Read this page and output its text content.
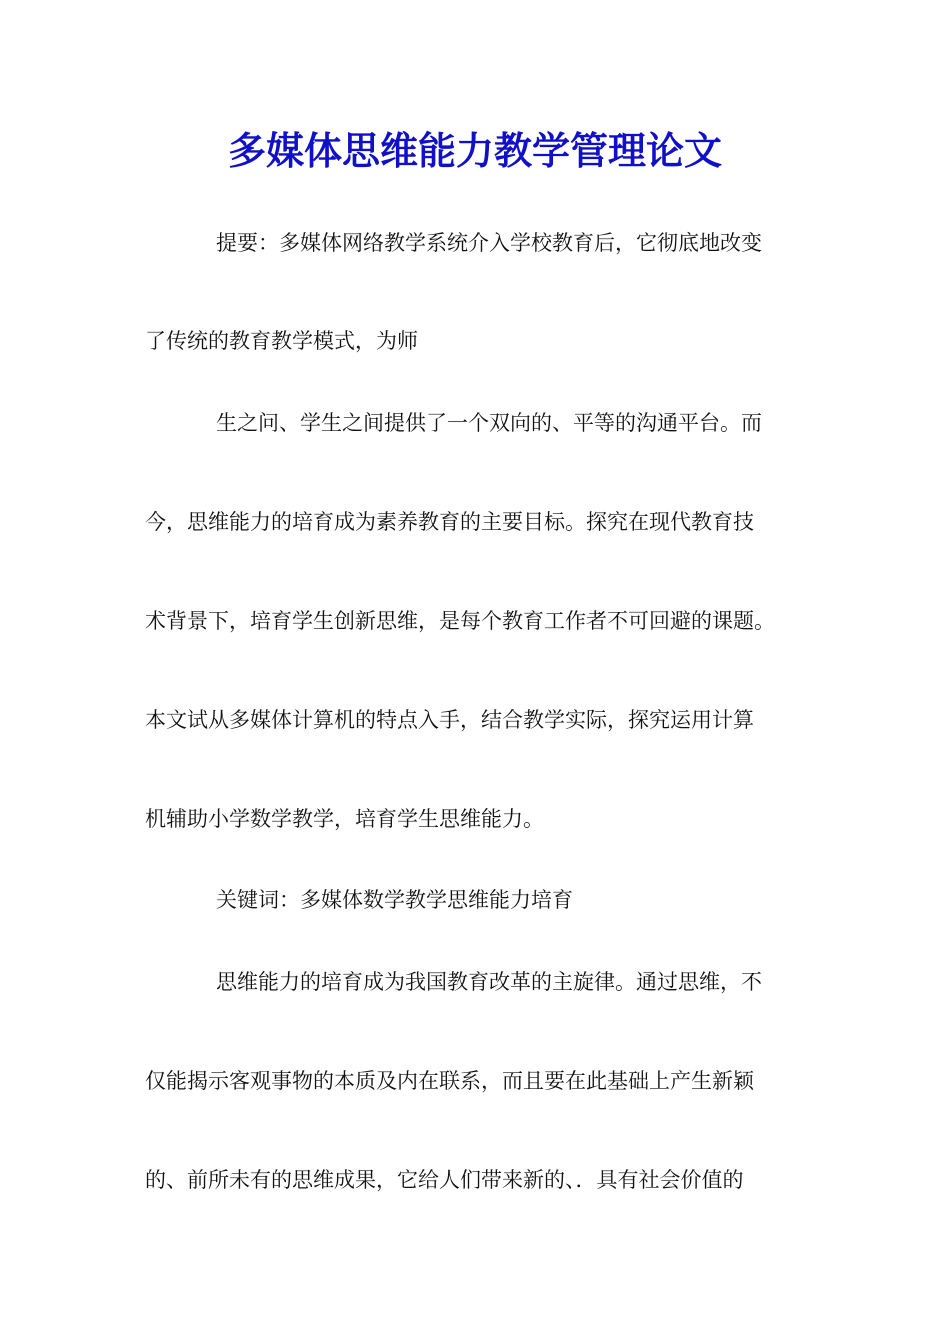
多媒体思维能力教学管理论文

提要：多媒体网络教学系统介入学校教育后，它彻底地改变

了传统的教育教学模式，为师

生之问、学生之间提供了一个双向的、平等的沟通平台。而

今，思维能力的培育成为素养教育的主要目标。探究在现代教育技

术背景下，培育学生创新思维，是每个教育工作者不可回避的课题。

本文试从多媒体计算机的特点入手，结合教学实际，探究运用计算

机辅助小学数学教学，培育学生思维能力。

关键词：多媒体数学教学思维能力培育

思维能力的培育成为我国教育改革的主旋律。通过思维，不

仅能揭示客观事物的本质及内在联系，而且要在此基础上产生新颖

的、前所未有的思维成果，它给人们带来新的、．具有社会价值的
